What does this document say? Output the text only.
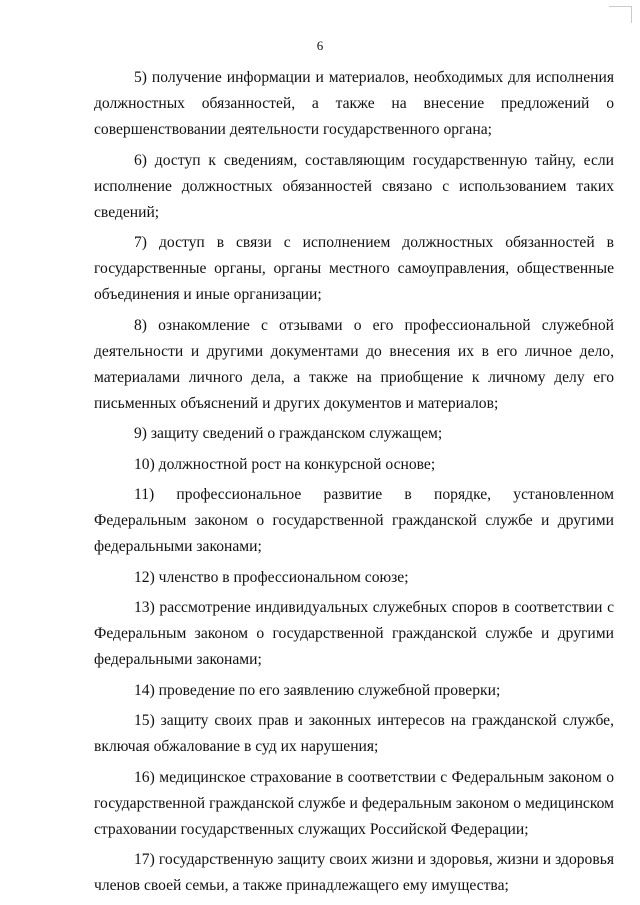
6

5) получение информации и материалов, необходимых для исполнения должностных обязанностей, а также на внесение предложений о совершенствовании деятельности государственного органа;

6) доступ к сведениям, составляющим государственную тайну, если исполнение должностных обязанностей связано с использованием таких сведений;

7) доступ в связи с исполнением должностных обязанностей в государственные органы, органы местного самоуправления, общественные объединения и иные организации;

8) ознакомление с отзывами о его профессиональной служебной деятельности и другими документами до внесения их в его личное дело, материалами личного дела, а также на приобщение к личному делу его письменных объяснений и других документов и материалов;

9) защиту сведений о гражданском служащем;

10) должностной рост на конкурсной основе;

11) профессиональное развитие в порядке, установленном Федеральным законом о государственной гражданской службе и другими федеральными законами;

12) членство в профессиональном союзе;

13) рассмотрение индивидуальных служебных споров в соответствии с Федеральным законом о государственной гражданской службе и другими федеральными законами;

14) проведение по его заявлению служебной проверки;

15) защиту своих прав и законных интересов на гражданской службе, включая обжалование в суд их нарушения;

16) медицинское страхование в соответствии с Федеральным законом о государственной гражданской службе и федеральным законом о медицинском страховании государственных служащих Российской Федерации;

17) государственную защиту своих жизни и здоровья, жизни и здоровья членов своей семьи, а также принадлежащего ему имущества;
